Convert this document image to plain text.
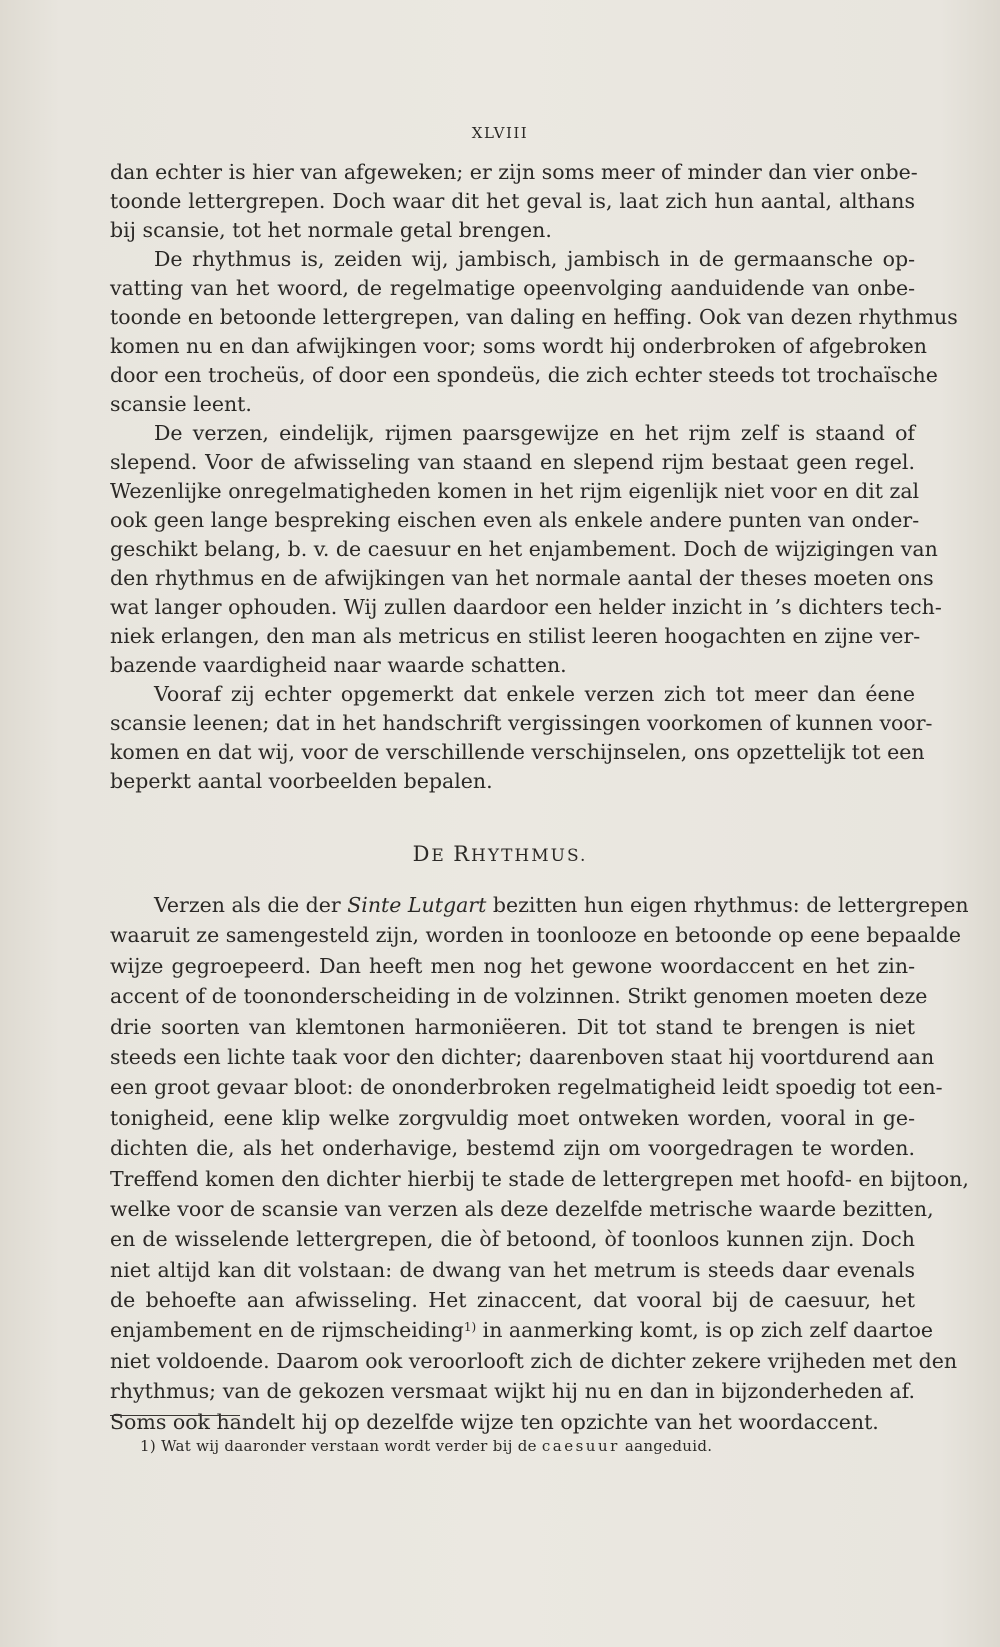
XLVIII
dan echter is hier van afgeweken; er zijn soms meer of minder dan vier onbe-
toonde lettergrepen. Doch waar dit het geval is, laat zich hun aantal, althans
bij scansie, tot het normale getal brengen.
De rhythmus is, zeiden wij, jambisch, jambisch in de germaansche op-
vatting van het woord, de regelmatige opeenvolging aanduidende van onbe-
toonde en betoonde lettergrepen, van daling en heffing. Ook van dezen rhythmus
komen nu en dan afwijkingen voor; soms wordt hij onderbroken of afgebroken
door een trocheüs, of door een spondeüs, die zich echter steeds tot trochaïsche
scansie leent.
De verzen, eindelijk, rijmen paarsgewijze en het rijm zelf is staand of
slepend. Voor de afwisseling van staand en slepend rijm bestaat geen regel.
Wezenlijke onregelmatigheden komen in het rijm eigenlijk niet voor en dit zal
ook geen lange bespreking eischen even als enkele andere punten van onder-
geschikt belang, b. v. de caesuur en het enjambement. Doch de wijzigingen van
den rhythmus en de afwijkingen van het normale aantal der theses moeten ons
wat langer ophouden. Wij zullen daardoor een helder inzicht in ’s dichters tech-
niek erlangen, den man als metricus en stilist leeren hoogachten en zijne ver-
bazende vaardigheid naar waarde schatten.
Vooraf zij echter opgemerkt dat enkele verzen zich tot meer dan éene
scansie leenen; dat in het handschrift vergissingen voorkomen of kunnen voor-
komen en dat wij, voor de verschillende verschijnselen, ons opzettelijk tot een
beperkt aantal voorbeelden bepalen.
DE RHYTHMUS.
Verzen als die der Sinte Lutgart bezitten hun eigen rhythmus: de lettergrepen
waaruit ze samengesteld zijn, worden in toonlooze en betoonde op eene bepaalde
wijze gegroepeerd. Dan heeft men nog het gewone woordaccent en het zin-
accent of de toononderscheiding in de volzinnen. Strikt genomen moeten deze
drie soorten van klemtonen harmoniëeren. Dit tot stand te brengen is niet
steeds een lichte taak voor den dichter; daarenboven staat hij voortdurend aan
een groot gevaar bloot: de ononderbroken regelmatigheid leidt spoedig tot een-
tonigheid, eene klip welke zorgvuldig moet ontweken worden, vooral in ge-
dichten die, als het onderhavige, bestemd zijn om voorgedragen te worden.
Treffend komen den dichter hierbij te stade de lettergrepen met hoofd- en bijtoon,
welke voor de scansie van verzen als deze dezelfde metrische waarde bezitten,
en de wisselende lettergrepen, die òf betoond, òf toonloos kunnen zijn. Doch
niet altijd kan dit volstaan: de dwang van het metrum is steeds daar evenals
de behoefte aan afwisseling. Het zinaccent, dat vooral bij de caesuur, het
enjambement en de rijmscheiding$^{1)}$ in aanmerking komt, is op zich zelf daartoe
niet voldoende. Daarom ook veroorlooft zich de dichter zekere vrijheden met den
rhythmus; van de gekozen versmaat wijkt hij nu en dan in bijzonderheden af.
Soms ook handelt hij op dezelfde wijze ten opzichte van het woordaccent.
1) Wat wij daaronder verstaan wordt verder bij de caesuur aangeduid.
